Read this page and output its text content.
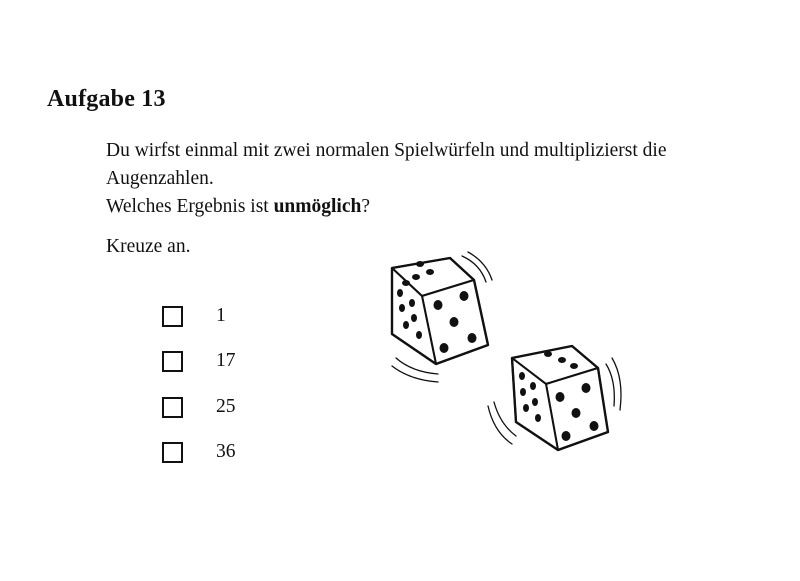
Aufgabe 13
Du wirfst einmal mit zwei normalen Spielwürfeln und multiplizierst die
Augenzahlen.
Welches Ergebnis ist unmöglich?
Kreuze an.
1
17
25
36
